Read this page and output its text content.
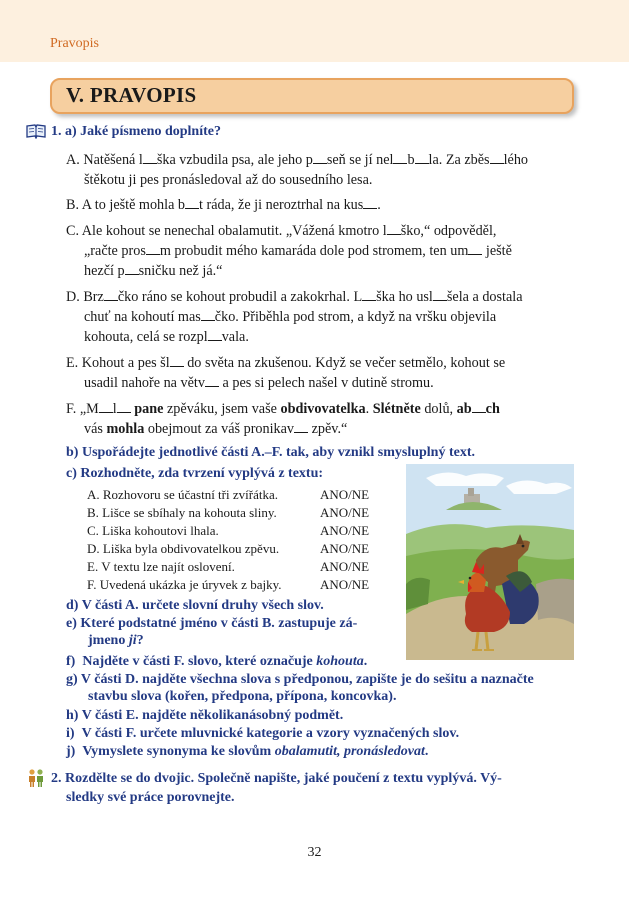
Pravopis
V. PRAVOPIS
1. a) Jaké písmeno doplníte?
A. Natěšená l ška vzbudila psa, ale jeho p seň se jí nel b la. Za zběs lého
štěkotu ji pes pronásledoval až do sousedního lesa.
B. A to ještě mohla b t ráda, že ji neroztrhal na kus .
C. Ale kohout se nenechal obalamutit. „Vážená kmotro l ško,“ odpověděl,
„račte pros m probudit mého kamaráda dole pod stromem, ten um ještě
hezčí p sničku než já.“
D. Brz čko ráno se kohout probudil a zakokrhal. L ška ho usl šela a dostala
chuť na kohoutí mas čko. Přiběhla pod strom, a když na vršku objevila
kohouta, celá se rozpl vala.
E. Kohout a pes šl do světa na zkušenou. Když se večer setmělo, kohout se
usadil nahoře na větv a pes si pelech našel v dutině stromu.
F. „M l pane zpěváku, jsem vaše obdivovatelka. Slétněte dolů, ab ch
vás mohla obejmout za váš pronikav zpěv.“
b) Uspořádejte jednotlivé části A.–F. tak, aby vznikl smysluplný text.
c) Rozhodněte, zda tvrzení vyplývá z textu:
A. Rozhovoru se účastní tři zvířátka.	ANO/NE
B. Lišce se sbíhaly na kohouta sliny.	ANO/NE
C. Liška kohoutovi lhala.	ANO/NE
D. Liška byla obdivovatelkou zpěvu.	ANO/NE
E. V textu lze najít oslovení.	ANO/NE
F. Uvedená ukázka je úryvek z bajky.	ANO/NE
d) V části A. určete slovní druhy všech slov.
e) Které podstatné jméno v části B. zastupuje zá-
jmeno ji?
f) Najděte v části F. slovo, které označuje kohouta.
g) V části D. najděte všechna slova s předponou, zapište je do sešitu a naznačte
stavbu slova (kořen, předpona, přípona, koncovka).
h) V části E. najděte několikanásobný podmět.
i) V části F. určete mluvnické kategorie a vzory vyznačených slov.
j) Vymyslete synonyma ke slovům obalamutit, pronásledovat.
2. Rozdělte se do dvojic. Společně napište, jaké poučení z textu vyplývá. Vý-
sledky své práce porovnejte.
32
